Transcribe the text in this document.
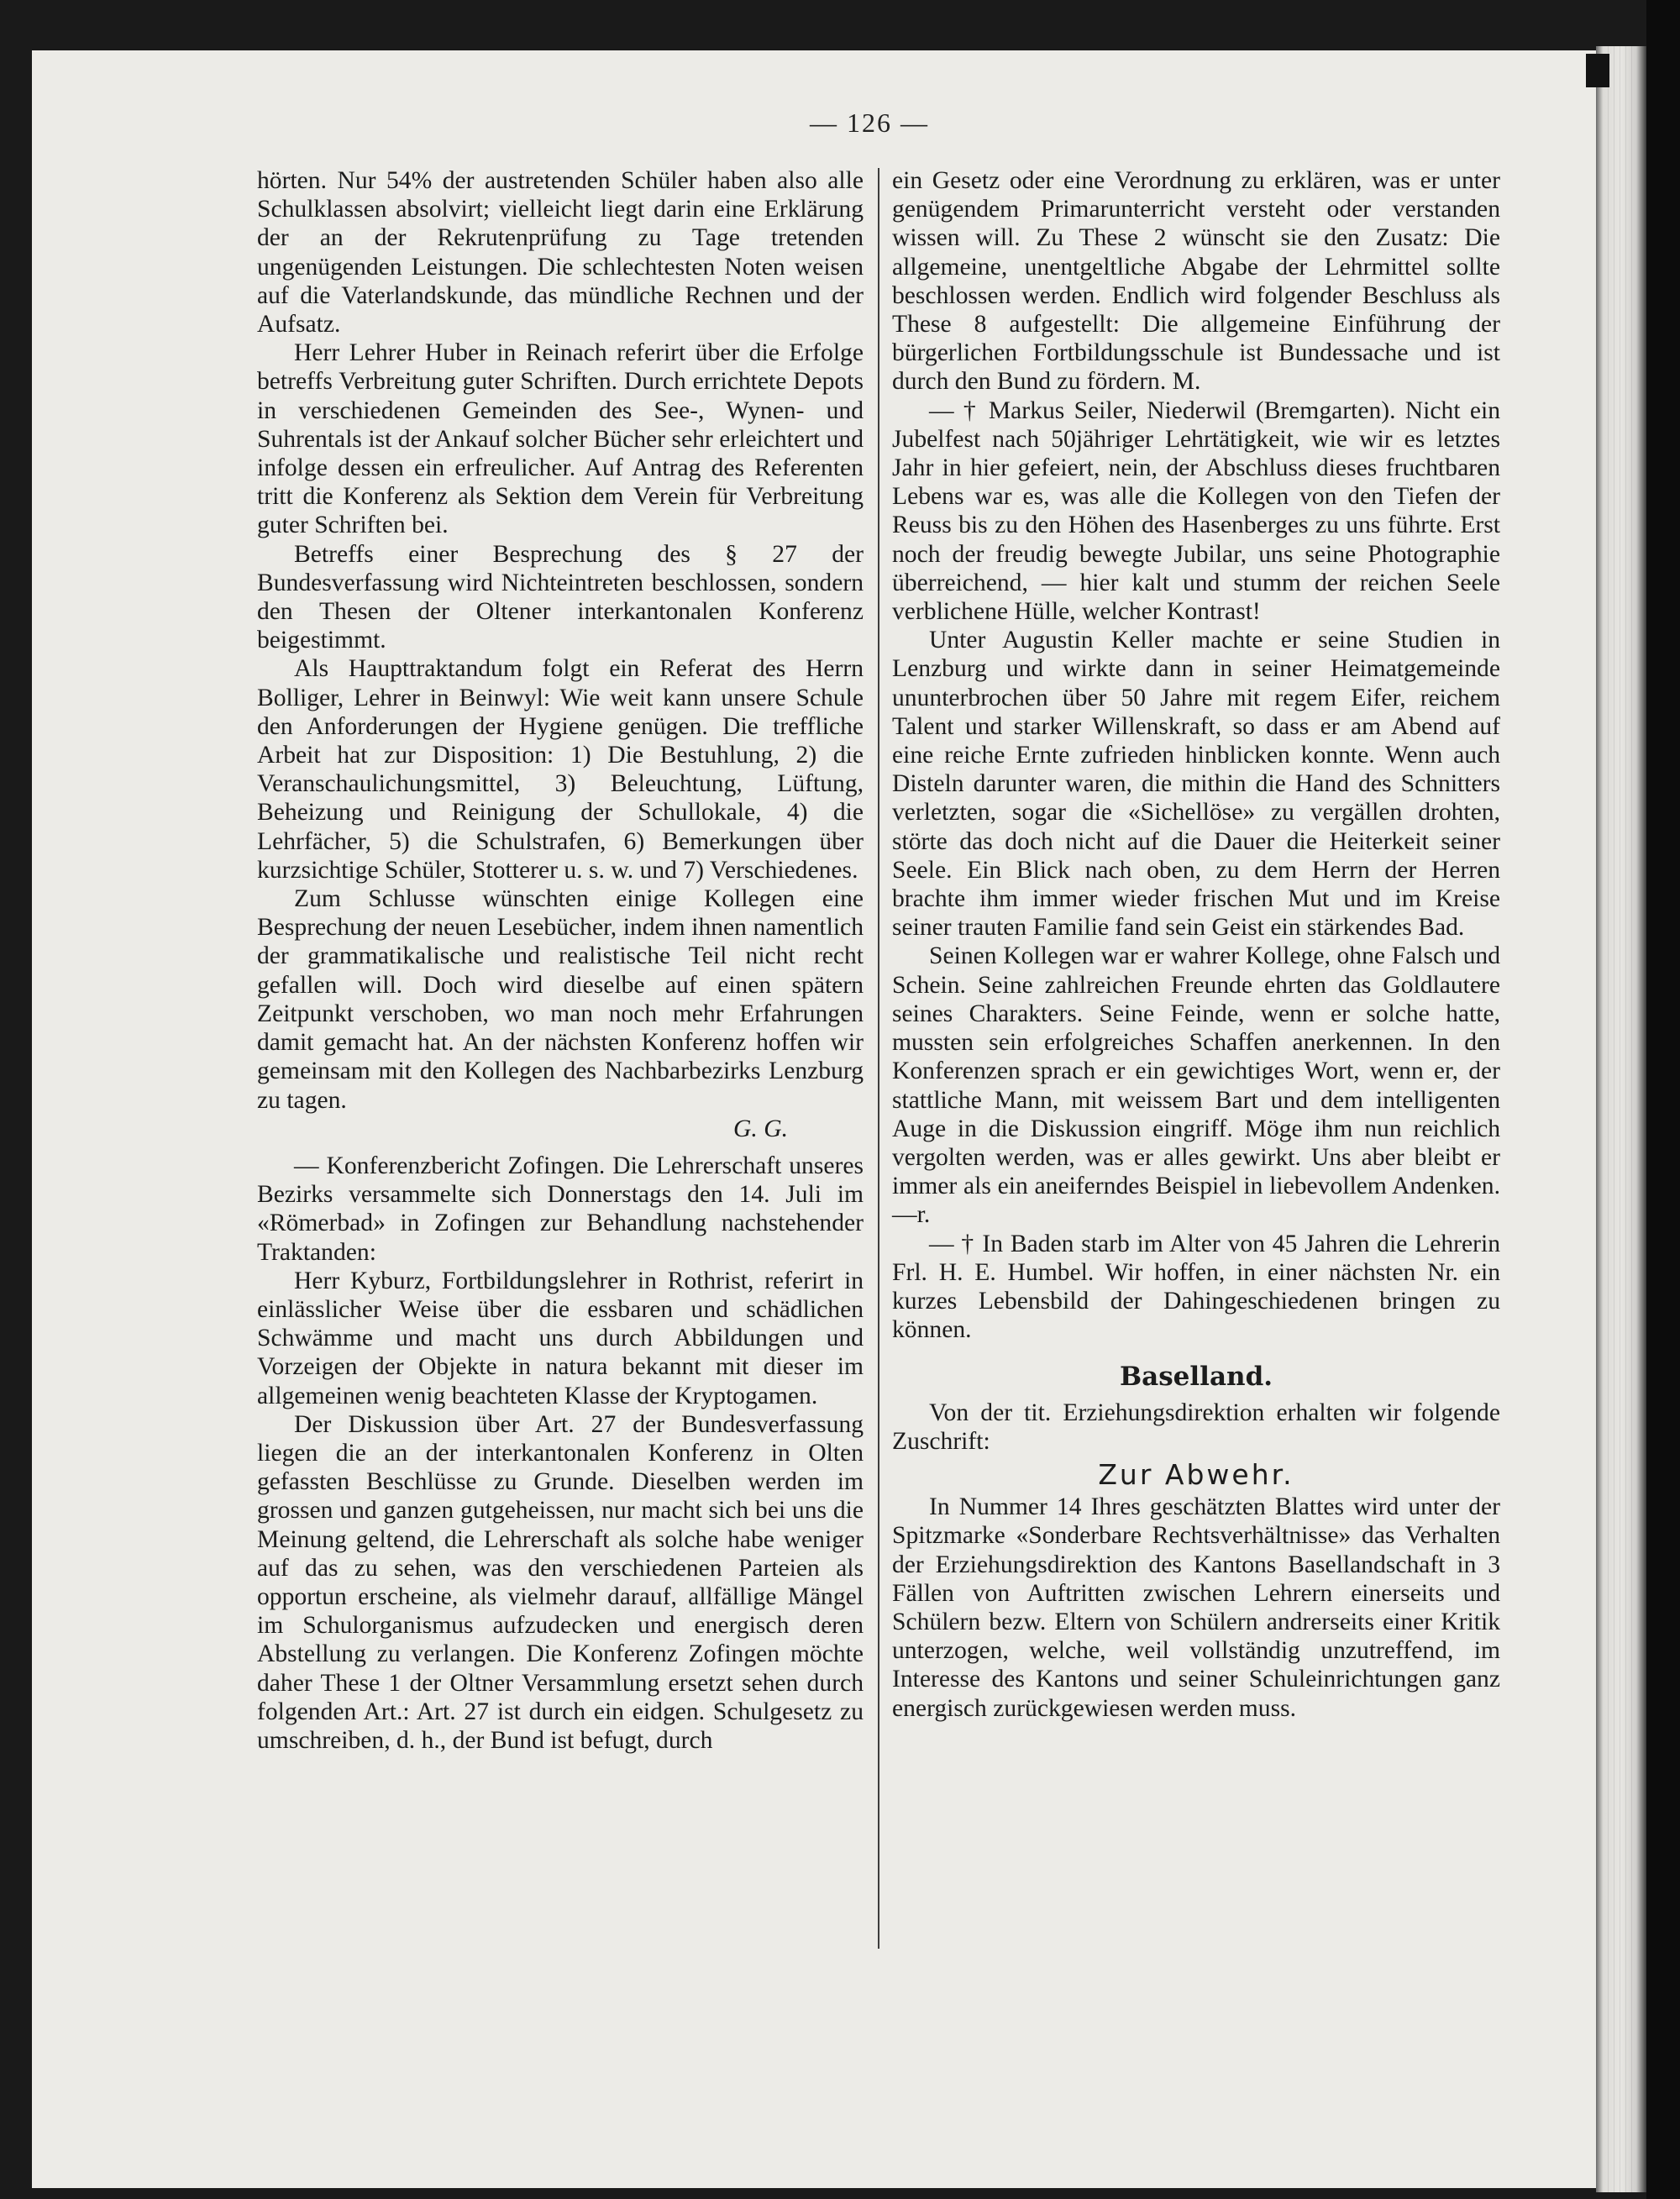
— 126 —

hörten. Nur 54% der austretenden Schüler haben also alle Schulklassen absolvirt; vielleicht liegt darin eine Erklärung der an der Rekrutenprüfung zu Tage tretenden ungenügenden Leistungen. Die schlechtesten Noten weisen auf die Vaterlandskunde, das mündliche Rechnen und der Aufsatz.

Herr Lehrer Huber in Reinach referirt über die Erfolge betreffs Verbreitung guter Schriften. Durch errichtete Depots in verschiedenen Gemeinden des See-, Wynen- und Suhrentals ist der Ankauf solcher Bücher sehr erleichtert und infolge dessen ein erfreulicher. Auf Antrag des Referenten tritt die Konferenz als Sektion dem Verein für Verbreitung guter Schriften bei.

Betreffs einer Besprechung des § 27 der Bundesverfassung wird Nichteintreten beschlossen, sondern den Thesen der Oltener interkantonalen Konferenz beigestimmt.

Als Haupttraktandum folgt ein Referat des Herrn Bolliger, Lehrer in Beinwyl: Wie weit kann unsere Schule den Anforderungen der Hygiene genügen. Die treffliche Arbeit hat zur Disposition: 1) Die Bestuhlung, 2) die Veranschaulichungsmittel, 3) Beleuchtung, Lüftung, Beheizung und Reinigung der Schullokale, 4) die Lehrfächer, 5) die Schulstrafen, 6) Bemerkungen über kurzsichtige Schüler, Stotterer u. s. w. und 7) Verschiedenes.

Zum Schlusse wünschten einige Kollegen eine Besprechung der neuen Lesebücher, indem ihnen namentlich der grammatikalische und realistische Teil nicht recht gefallen will. Doch wird dieselbe auf einen spätern Zeitpunkt verschoben, wo man noch mehr Erfahrungen damit gemacht hat. An der nächsten Konferenz hoffen wir gemeinsam mit den Kollegen des Nachbarbezirks Lenzburg zu tagen.

G. G.

— Konferenzbericht Zofingen. Die Lehrerschaft unseres Bezirks versammelte sich Donnerstags den 14. Juli im «Römerbad» in Zofingen zur Behandlung nachstehender Traktanden:

Herr Kyburz, Fortbildungslehrer in Rothrist, referirt in einlässlicher Weise über die essbaren und schädlichen Schwämme und macht uns durch Abbildungen und Vorzeigen der Objekte in natura bekannt mit dieser im allgemeinen wenig beachteten Klasse der Kryptogamen.

Der Diskussion über Art. 27 der Bundesverfassung liegen die an der interkantonalen Konferenz in Olten gefassten Beschlüsse zu Grunde. Dieselben werden im grossen und ganzen gutgeheissen, nur macht sich bei uns die Meinung geltend, die Lehrerschaft als solche habe weniger auf das zu sehen, was den verschiedenen Parteien als opportun erscheine, als vielmehr darauf, allfällige Mängel im Schulorganismus aufzudecken und energisch deren Abstellung zu verlangen. Die Konferenz Zofingen möchte daher These 1 der Oltner Versammlung ersetzt sehen durch folgenden Art.: Art. 27 ist durch ein eidgen. Schulgesetz zu umschreiben, d. h., der Bund ist befugt, durch

ein Gesetz oder eine Verordnung zu erklären, was er unter genügendem Primarunterricht versteht oder verstanden wissen will. Zu These 2 wünscht sie den Zusatz: Die allgemeine, unentgeltliche Abgabe der Lehrmittel sollte beschlossen werden. Endlich wird folgender Beschluss als These 8 aufgestellt: Die allgemeine Einführung der bürgerlichen Fortbildungsschule ist Bundessache und ist durch den Bund zu fördern. M.

— † Markus Seiler, Niederwil (Bremgarten). Nicht ein Jubelfest nach 50jähriger Lehrtätigkeit, wie wir es letztes Jahr in hier gefeiert, nein, der Abschluss dieses fruchtbaren Lebens war es, was alle die Kollegen von den Tiefen der Reuss bis zu den Höhen des Hasenberges zu uns führte. Erst noch der freudig bewegte Jubilar, uns seine Photographie überreichend, — hier kalt und stumm der reichen Seele verblichene Hülle, welcher Kontrast!

Unter Augustin Keller machte er seine Studien in Lenzburg und wirkte dann in seiner Heimatgemeinde ununterbrochen über 50 Jahre mit regem Eifer, reichem Talent und starker Willenskraft, so dass er am Abend auf eine reiche Ernte zufrieden hinblicken konnte. Wenn auch Disteln darunter waren, die mithin die Hand des Schnitters verletzten, sogar die «Sichellöse» zu vergällen drohten, störte das doch nicht auf die Dauer die Heiterkeit seiner Seele. Ein Blick nach oben, zu dem Herrn der Herren brachte ihm immer wieder frischen Mut und im Kreise seiner trauten Familie fand sein Geist ein stärkendes Bad.

Seinen Kollegen war er wahrer Kollege, ohne Falsch und Schein. Seine zahlreichen Freunde ehrten das Goldlautere seines Charakters. Seine Feinde, wenn er solche hatte, mussten sein erfolgreiches Schaffen anerkennen. In den Konferenzen sprach er ein gewichtiges Wort, wenn er, der stattliche Mann, mit weissem Bart und dem intelligenten Auge in die Diskussion eingriff. Möge ihm nun reichlich vergolten werden, was er alles gewirkt. Uns aber bleibt er immer als ein aneiferndes Beispiel in liebevollem Andenken. —r.

— † In Baden starb im Alter von 45 Jahren die Lehrerin Frl. H. E. Humbel. Wir hoffen, in einer nächsten Nr. ein kurzes Lebensbild der Dahingeschiedenen bringen zu können.

Baselland.

Von der tit. Erziehungsdirektion erhalten wir folgende Zuschrift:

Zur Abwehr.

In Nummer 14 Ihres geschätzten Blattes wird unter der Spitzmarke «Sonderbare Rechtsverhältnisse» das Verhalten der Erziehungsdirektion des Kantons Basellandschaft in 3 Fällen von Auftritten zwischen Lehrern einerseits und Schülern bezw. Eltern von Schülern andrerseits einer Kritik unterzogen, welche, weil vollständig unzutreffend, im Interesse des Kantons und seiner Schuleinrichtungen ganz energisch zurückgewiesen werden muss.
